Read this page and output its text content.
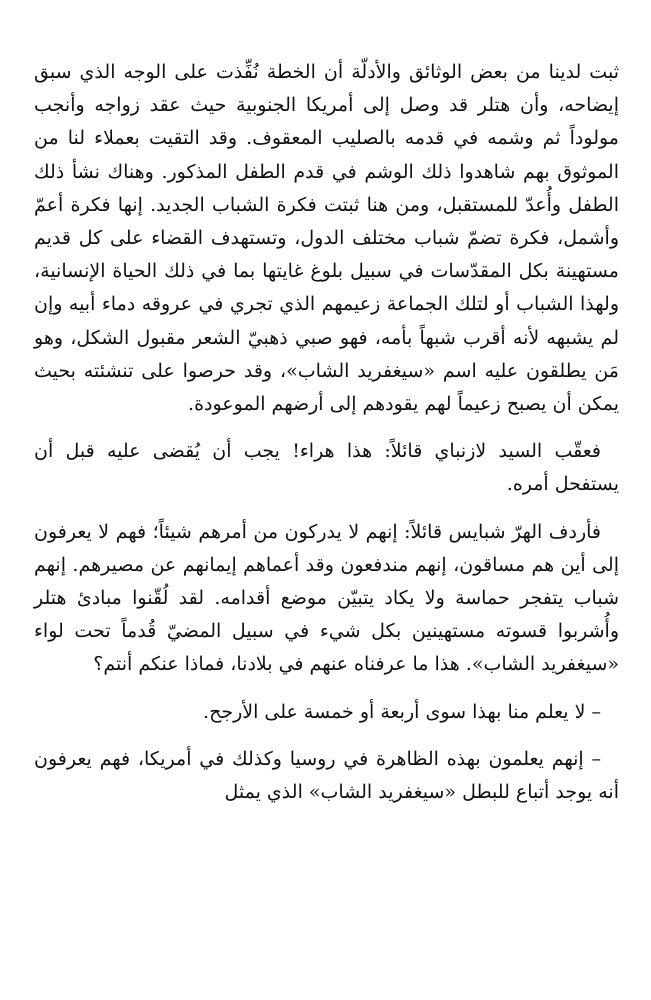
ثبت لدينا من بعض الوثائق والأدلّة أن الخطة نُفِّذت على الوجه الذي سبق إيضاحه، وأن هتلر قد وصل إلى أمريكا الجنوبية حيث عقد زواجه وأنجب مولوداً ثم وشمه في قدمه بالصليب المعقوف. وقد التقيت بعملاء لنا من الموثوق بهم شاهدوا ذلك الوشم في قدم الطفل المذكور. وهناك نشأ ذلك الطفل وأُعدّ للمستقبل، ومن هنا ثبتت فكرة الشباب الجديد. إنها فكرة أعمّ وأشمل، فكرة تضمّ شباب مختلف الدول، وتستهدف القضاء على كل قديم مستهينة بكل المقدّسات في سبيل بلوغ غايتها بما في ذلك الحياة الإنسانية، ولهذا الشباب أو لتلك الجماعة زعيمهم الذي تجري في عروقه دماء أبيه وإن لم يشبهه لأنه أقرب شبهاً بأمه، فهو صبي ذهبيّ الشعر مقبول الشكل، وهو مَن يطلقون عليه اسم «سيغفريد الشاب»، وقد حرصوا على تنشئته بحيث يمكن أن يصبح زعيماً لهم يقودهم إلى أرضهم الموعودة.

فعقّب السيد لازنباي قائلاً: هذا هراء! يجب أن يُقضى عليه قبل أن يستفحل أمره.

فأردف الهرّ شبايس قائلاً: إنهم لا يدركون من أمرهم شيئاً؛ فهم لا يعرفون إلى أين هم مساقون، إنهم مندفعون وقد أعماهم إيمانهم عن مصيرهم. إنهم شباب يتفجر حماسة ولا يكاد يتبيّن موضع أقدامه. لقد لُقّنوا مبادئ هتلر وأُشربوا قسوته مستهينين بكل شيء في سبيل المضيّ قُدماً تحت لواء «سيغفريد الشاب». هذا ما عرفناه عنهم في بلادنا، فماذا عنكم أنتم؟

– لا يعلم منا بهذا سوى أربعة أو خمسة على الأرجح.

– إنهم يعلمون بهذه الظاهرة في روسيا وكذلك في أمريكا، فهم يعرفون أنه يوجد أتباع للبطل «سيغفريد الشاب» الذي يمثل
